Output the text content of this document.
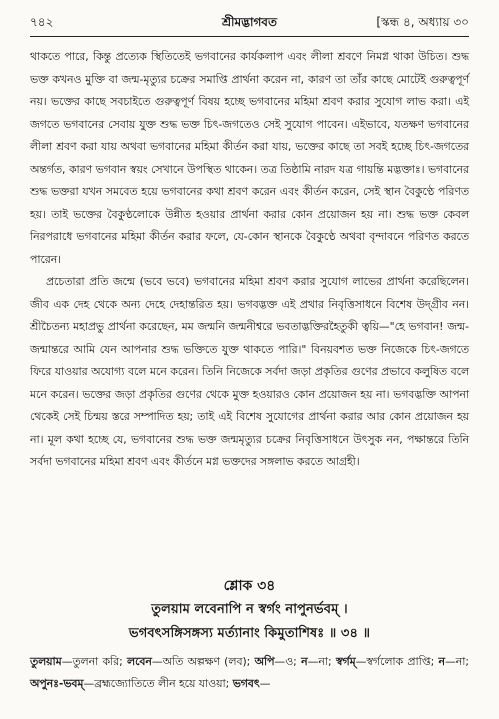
৭৪২	শ্রীমদ্ভাগবত	[স্কন্ধ ৪, অধ্যায় ৩০

থাকতে পারে, কিন্তু প্রত্যেক স্থিতিতেই ভগবানের কার্যকলাপ এবং লীলা শ্রবণে নিমগ্ন থাকা উচিত। শুদ্ধ ভক্ত কখনও মুক্তি বা জন্ম-মৃত্যুর চক্রের সমাপ্তি প্রার্থনা করেন না, কারণ তা তাঁর কাছে মোটেই গুরুত্বপূর্ণ নয়। ভক্তের কাছে সবচাইতে গুরুত্বপূর্ণ বিষয় হচ্ছে ভগবানের মহিমা শ্রবণ করার সুযোগ লাভ করা। এই জগতে ভগবানের সেবায় যুক্ত শুদ্ধ ভক্ত চিৎ-জগতেও সেই সুযোগ পাবেন। এইভাবে, যতক্ষণ ভগবানের লীলা শ্রবণ করা যায় অথবা ভগবানের মহিমা কীর্তন করা যায়, ভক্তের কাছে তা সবই হচ্ছে চিৎ-জগতের অন্তর্গত, কারণ ভগবান স্বয়ং সেখানে উপস্থিত থাকেন। তত্র তিষ্ঠামি নারদ যত্র গায়ন্তি মদ্ভক্তাঃ। ভগবানের শুদ্ধ ভক্তরা যখন সমবেত হয়ে ভগবানের কথা শ্রবণ করেন এবং কীর্তন করেন, সেই স্থান বৈকুণ্ঠে পরিণত হয়। তাই ভক্তের বৈকুণ্ঠলোকে উন্নীত হওয়ার প্রার্থনা করার কোন প্রয়োজন হয় না। শুদ্ধ ভক্ত কেবল নিরপরাধে ভগবানের মহিমা কীর্তন করার ফলে, যে-কোন স্থানকে বৈকুণ্ঠে অথবা বৃন্দাবনে পরিণত করতে পারেন।

প্রচেতারা প্রতি জন্মে (ভবে ভবে) ভগবানের মহিমা শ্রবণ করার সুযোগ লাভের প্রার্থনা করেছিলেন। জীব এক দেহ থেকে অন্য দেহে দেহান্তরিত হয়। ভগবদ্ভক্ত এই প্রথার নিবৃত্তিসাধনে বিশেষ উদ্গ্রীব নন। শ্রীচৈতন্য মহাপ্রভু প্রার্থনা করেছেন, মম জন্মনি জন্মনীশ্বরে ভবতাদ্ভক্তিরহৈতুকী ত্বয়ি—"হে ভগবান! জন্ম-জন্মান্তরে আমি যেন আপনার শুদ্ধ ভক্তিতে যুক্ত থাকতে পারি।" বিনয়বশত ভক্ত নিজেকে চিৎ-জগতে ফিরে যাওয়ার অযোগ্য বলে মনে করেন। তিনি নিজেকে সর্বদা জড়া প্রকৃতির গুণের প্রভাবে কলুষিত বলে মনে করেন। ভক্তের জড়া প্রকৃতির গুণের থেকে মুক্ত হওয়ারও কোন প্রয়োজন হয় না। ভগবদ্ভক্তি আপনা থেকেই সেই চিন্ময় স্তরে সম্পাদিত হয়; তাই এই বিশেষ সুযোগের প্রার্থনা করার আর কোন প্রয়োজন হয় না। মূল কথা হচ্ছে যে, ভগবানের শুদ্ধ ভক্ত জন্মমৃত্যুর চক্রের নিবৃত্তিসাধনে উৎসুক নন, পক্ষান্তরে তিনি সর্বদা ভগবানের মহিমা শ্রবণ এবং কীর্তনে মগ্ন ভক্তদের সঙ্গলাভ করতে আগ্রহী।

শ্লোক ৩৪
তুলয়াম লবেনাপি ন স্বর্গং নাপুনর্ভবম্ ।
ভগবৎসঙ্গিসঙ্গস্য মর্ত্যানাং কিমুতাশিষঃ ॥ ৩৪ ॥
তুলয়াম—তুলনা করি; লবেন—অতি অল্পক্ষণ (লব); অপি—ও; ন—না; স্বর্গম্—স্বর্গলোক প্রাপ্তি; ন—না; অপুনঃ-ভবম্—ব্রহ্মজ্যোতিতে লীন হয়ে যাওয়া; ভগবৎ—
